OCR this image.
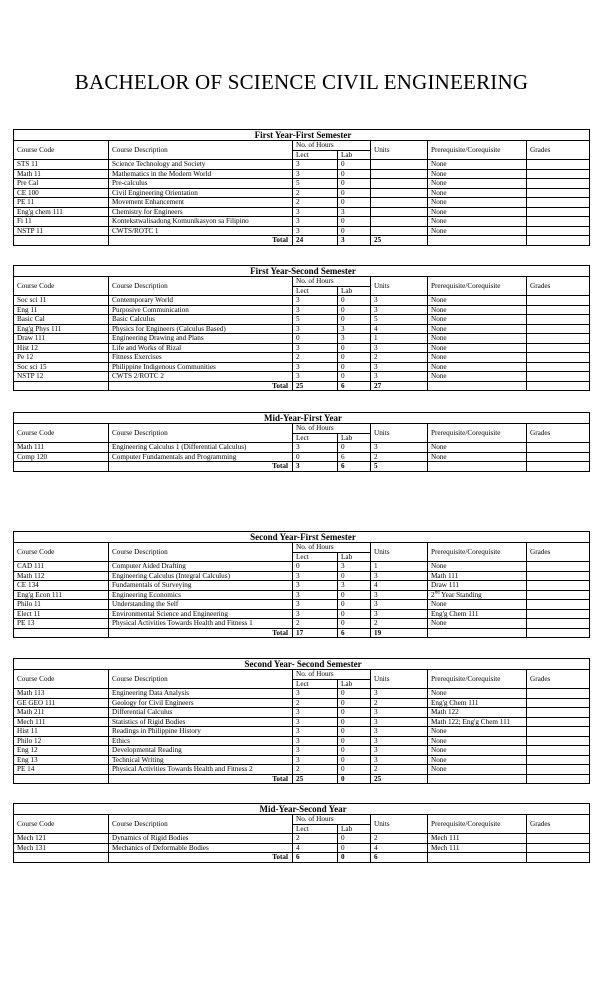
BACHELOR OF SCIENCE CIVIL ENGINEERING
First Year-First Semester						
Course Code	Course Description	No. of Hours		Units	Prerequisite/Corequisite	Grades
		Lect	Lab			
STS 11	Science Technology and Society	3	0		None	
Math 11	Mathematics in the Modern World	3	0		None	
Pre Cal	Pre-calculus	5	0		None	
CE 100	Civil Engineering Orientation	2	0		None	
PE 11	Movement Enhancement	2	0		None	
Eng'g chem 111	Chemistry for Engineers	3	3		None	
Fi 11	Kontekstwalisadong Komunikasyon sa Filipino	3	0		None	
NSTP 11	CWTS/ROTC 1	3	0		None	
	Total	24	3	25		
First Year-Second Semester						
Course Code	Course Description	No. of Hours		Units	Prerequisite/Corequisite	Grades
		Lect	Lab			
Soc sci 11	Contemporary World	3	0	3	None	
Eng 11	Purposive Communication	3	0	3	None	
Basic Cal	Basic Calculus	5	0	5	None	
Eng'g Phys 111	Physics for Engineers (Calculus Based)	3	3	4	None	
Draw 111	Engineering Drawing and Plans	0	3	1	None	
Hist 12	Life and Works of Rizal	3	0	3	None	
Pe 12	Fitness Exercises	2	0	2	None	
Soc sci 15	Philippine Indigenous Communities	3	0	3	None	
NSTP 12	CWTS 2/ROTC 2	3	0	3	None	
	Total	25	6	27		
Mid-Year-First Year						
Course Code	Course Description	No. of Hours		Units	Prerequisite/Corequisite	Grades
		Lect	Lab			
Math 111	Engineering Calculus 1 (Differential Calculus)	3	0	3	None	
Comp 120	Computer Fundamentals and Programming	0	6	2	None	
	Total	3	6	5		
Second Year-First Semester						
Course Code	Course Description	No. of Hours		Units	Prerequisite/Corequisite	Grades
		Lect	Lab			
CAD 111	Computer Aided Drafting	0	3	1	None	
Math 112	Engineering Calculus (Integral Calculus)	3	0	3	Math 111	
CE 134	Fundamentals of Surveying	3	3	4	Draw 111	
Eng'g Econ 111	Engineering Economics	3	0	3	2nd Year Standing	
Philo 11	Understanding the Self	3	0	3	None	
Elect 11	Environmental Science and Engineering	3	0	3	Eng'g Chem 111	
PE 13	Physical Activities Towards Health and Fitness 1	2	0	2	None	
	Total	17	6	19		
Second Year- Second Semester						
Course Code	Course Description	No. of Hours		Units	Prerequisite/Corequisite	Grades
		Lect	Lab			
Math 113	Engineering Data Analysis	3	0	3	None	
GE GEO 111	Geology for Civil Engineers	2	0	2	Eng'g Chem 111	
Math 211	Differential Calculus	3	0	3	Math 122	
Mech 111	Statistics of Rigid Bodies	3	0	3	Math 122; Eng'g Chem 111	
Hist 11	Readings in Philippine History	3	0	3	None	
Philo 12	Ethics	3	0	3	None	
Eng 12	Developmental Reading	3	0	3	None	
Eng 13	Technical Writing	3	0	3	None	
PE 14	Physical Activities Towards Health and Fitness 2	2	0	2	None	
	Total	25	0	25		
Mid-Year-Second Year						
Course Code	Course Description	No. of Hours		Units	Prerequisite/Corequisite	Grades
		Lect	Lab			
Mech 121	Dynamics of Rigid Bodies	2	0	2	Mech 111	
Mech 131	Mechanics of Deformable Bodies	4	0	4	Mech 111	
	Total	6	0	6		
